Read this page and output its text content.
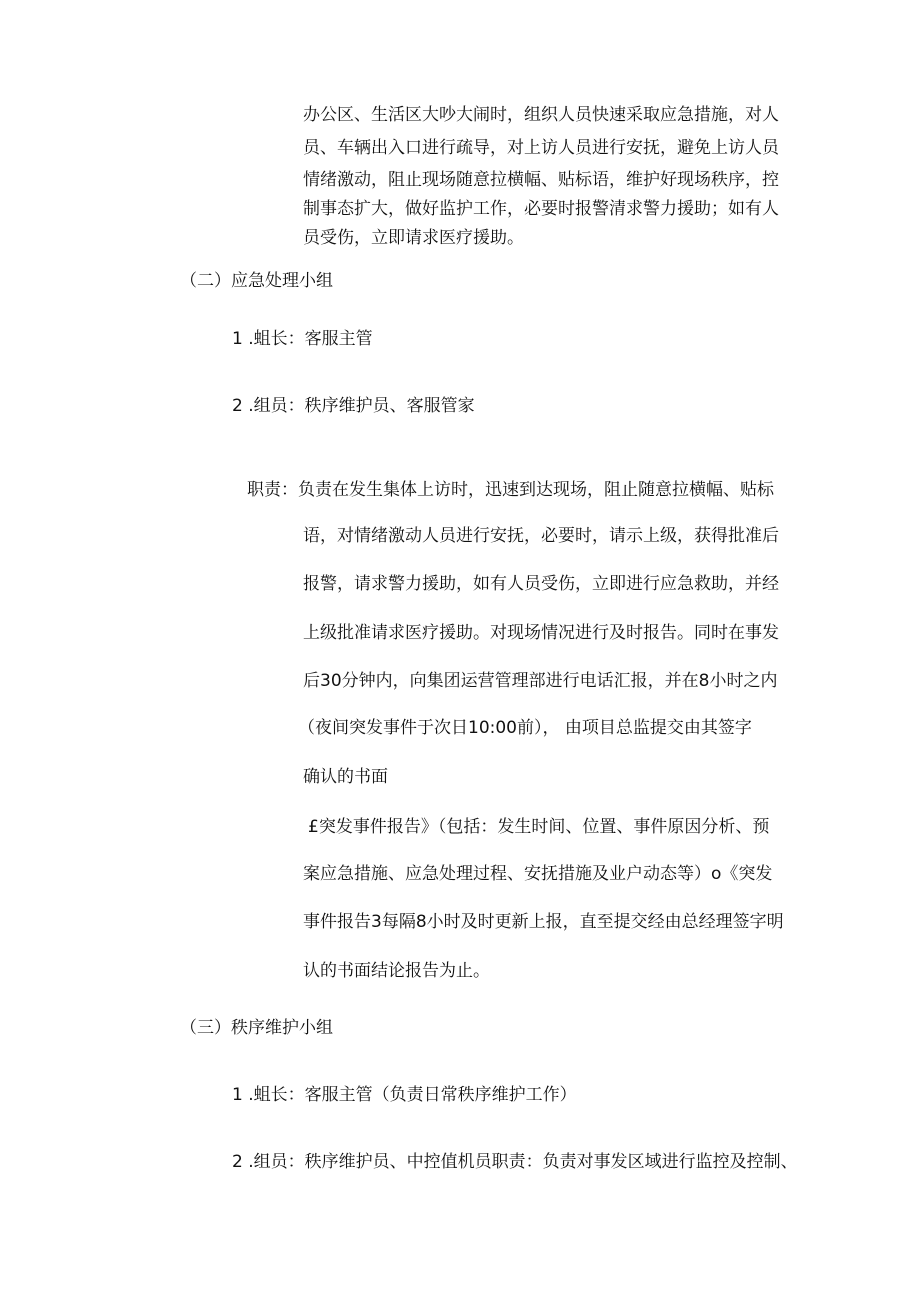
办公区、生活区大吵大闹时，组织人员快速采取应急措施，对人
员、车辆出入口进行疏导，对上访人员进行安抚，避免上访人员
情绪激动，阻止现场随意拉横幅、贴标语，维护好现场秩序，控
制事态扩大，做好监护工作，必要时报警清求警力援助；如有人
员受伤，立即请求医疗援助。
（二）应急处理小组
1 .蛆长：客服主管
2 .组员：秩序维护员、客服管家
职责：负责在发生集体上访时，迅速到达现场，阻止随意拉横幅、贴标
语，对情绪激动人员进行安抚，必要时，请示上级，获得批准后
报警，请求警力援助，如有人员受伤，立即进行应急救助，并经
上级批准请求医疗援助。对现场情况进行及时报告。同时在事发
后30分钟内，向集团运营管理部进行电话汇报，并在8小时之内
（夜间突发事件于次日10:00前）， 由项目总监提交由其签字
确认的书面
£突发事件报告》（包括：发生时间、位置、事件原因分析、预
案应急措施、应急处理过程、安抚措施及业户动态等）o《突发
事件报告3每隔8小时及时更新上报，直至提交经由总经理签字明
认的书面结论报告为止。
（三）秩序维护小组
1 .蛆长：客服主管（负责日常秩序维护工作）
2 .组员：秩序维护员、中控值机员职责：负责对事发区域进行监控及控制、
